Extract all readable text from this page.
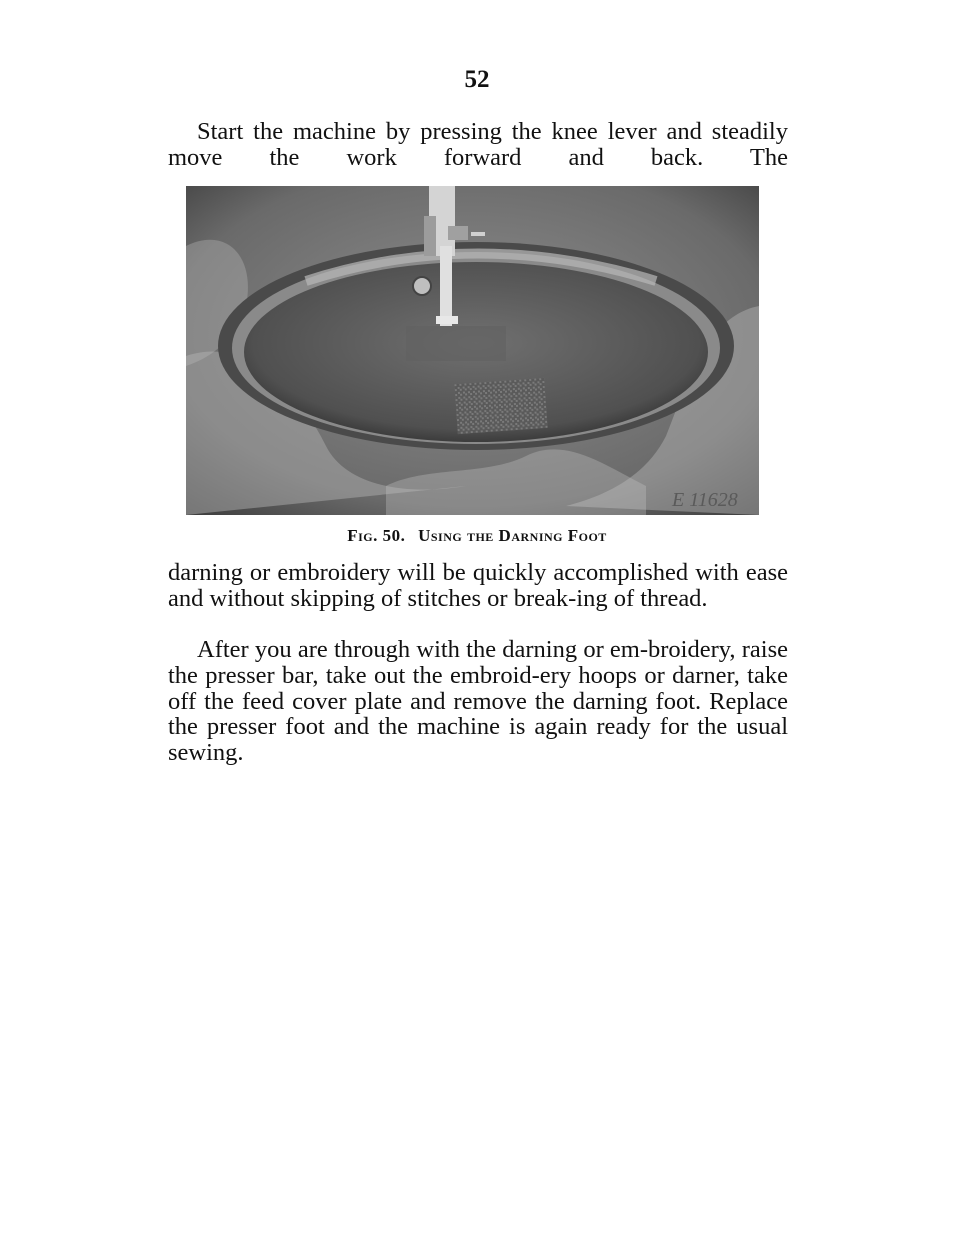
52

Start the machine by pressing the knee lever and steadily move the work forward and back. The

E 11628
Fig. 50. Using the Darning Foot

darning or embroidery will be quickly accomplished with ease and without skipping of stitches or break-ing of thread.

After you are through with the darning or em-broidery, raise the presser bar, take out the embroid-ery hoops or darner, take off the feed cover plate and remove the darning foot. Replace the presser foot and the machine is again ready for the usual sewing.
